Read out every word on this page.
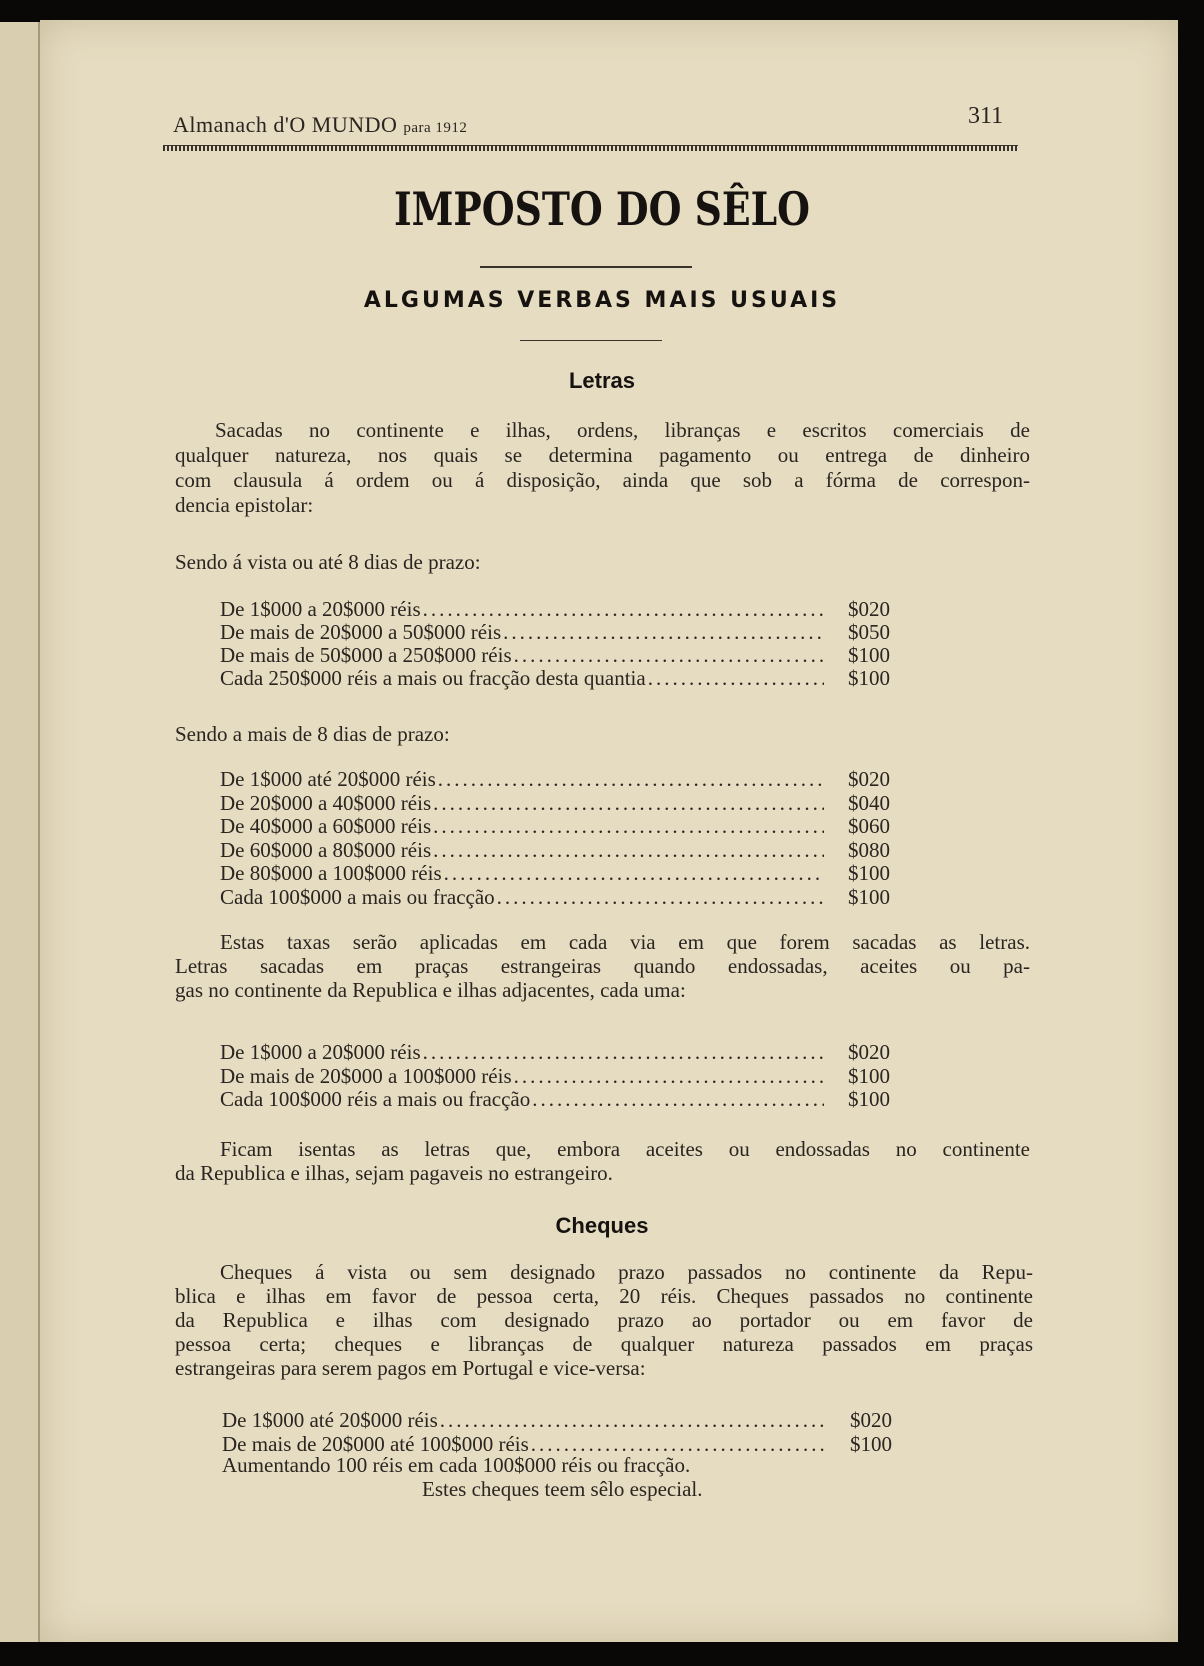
Almanach d'O MUNDO para 1912	311
IMPOSTO DO SÊLO
ALGUMAS VERBAS MAIS USUAIS
Letras
Sacadas no continente e ilhas, ordens, libranças e escritos comerciais de
qualquer natureza, nos quais se determina pagamento ou entrega de dinheiro
com clausula á ordem ou á disposição, ainda que sob a fórma de correspon-
dencia epistolar:
Sendo á vista ou até 8 dias de prazo:
De 1$000 a 20$000 réis .....	$020
De mais de 20$000 a 50$000 réis .....	$050
De mais de 50$000 a 250$000 réis .....	$100
Cada 250$000 réis a mais ou fracção desta quantia .....	$100
Sendo a mais de 8 dias de prazo:
De 1$000 até 20$000 réis .....	$020
De 20$000 a 40$000 réis .....	$040
De 40$000 a 60$000 réis .....	$060
De 60$000 a 80$000 réis .....	$080
De 80$000 a 100$000 réis .....	$100
Cada 100$000 a mais ou fracção .....	$100
Estas taxas serão aplicadas em cada via em que forem sacadas as letras.
Letras sacadas em praças estrangeiras quando endossadas, aceites ou pa-
gas no continente da Republica e ilhas adjacentes, cada uma:
De 1$000 a 20$000 réis .....	$020
De mais de 20$000 a 100$000 réis .....	$100
Cada 100$000 réis a mais ou fracção .....	$100
Ficam isentas as letras que, embora aceites ou endossadas no continente
da Republica e ilhas, sejam pagaveis no estrangeiro.
Cheques á vista ou sem designado prazo passados no continente da Repu-
blica e ilhas em favor de pessoa certa, 20 réis. Cheques passados no continente
da Republica e ilhas com designado prazo ao portador ou em favor de
pessoa certa; cheques e libranças de qualquer natureza passados em praças
estrangeiras para serem pagos em Portugal e vice-versa:
De 1$000 até 20$000 réis .....	$020
De mais de 20$000 até 100$000 réis .....	$100
Aumentando 100 réis em cada 100$000 réis ou fracção.
Estes cheques teem sêlo especial.
Cheques
